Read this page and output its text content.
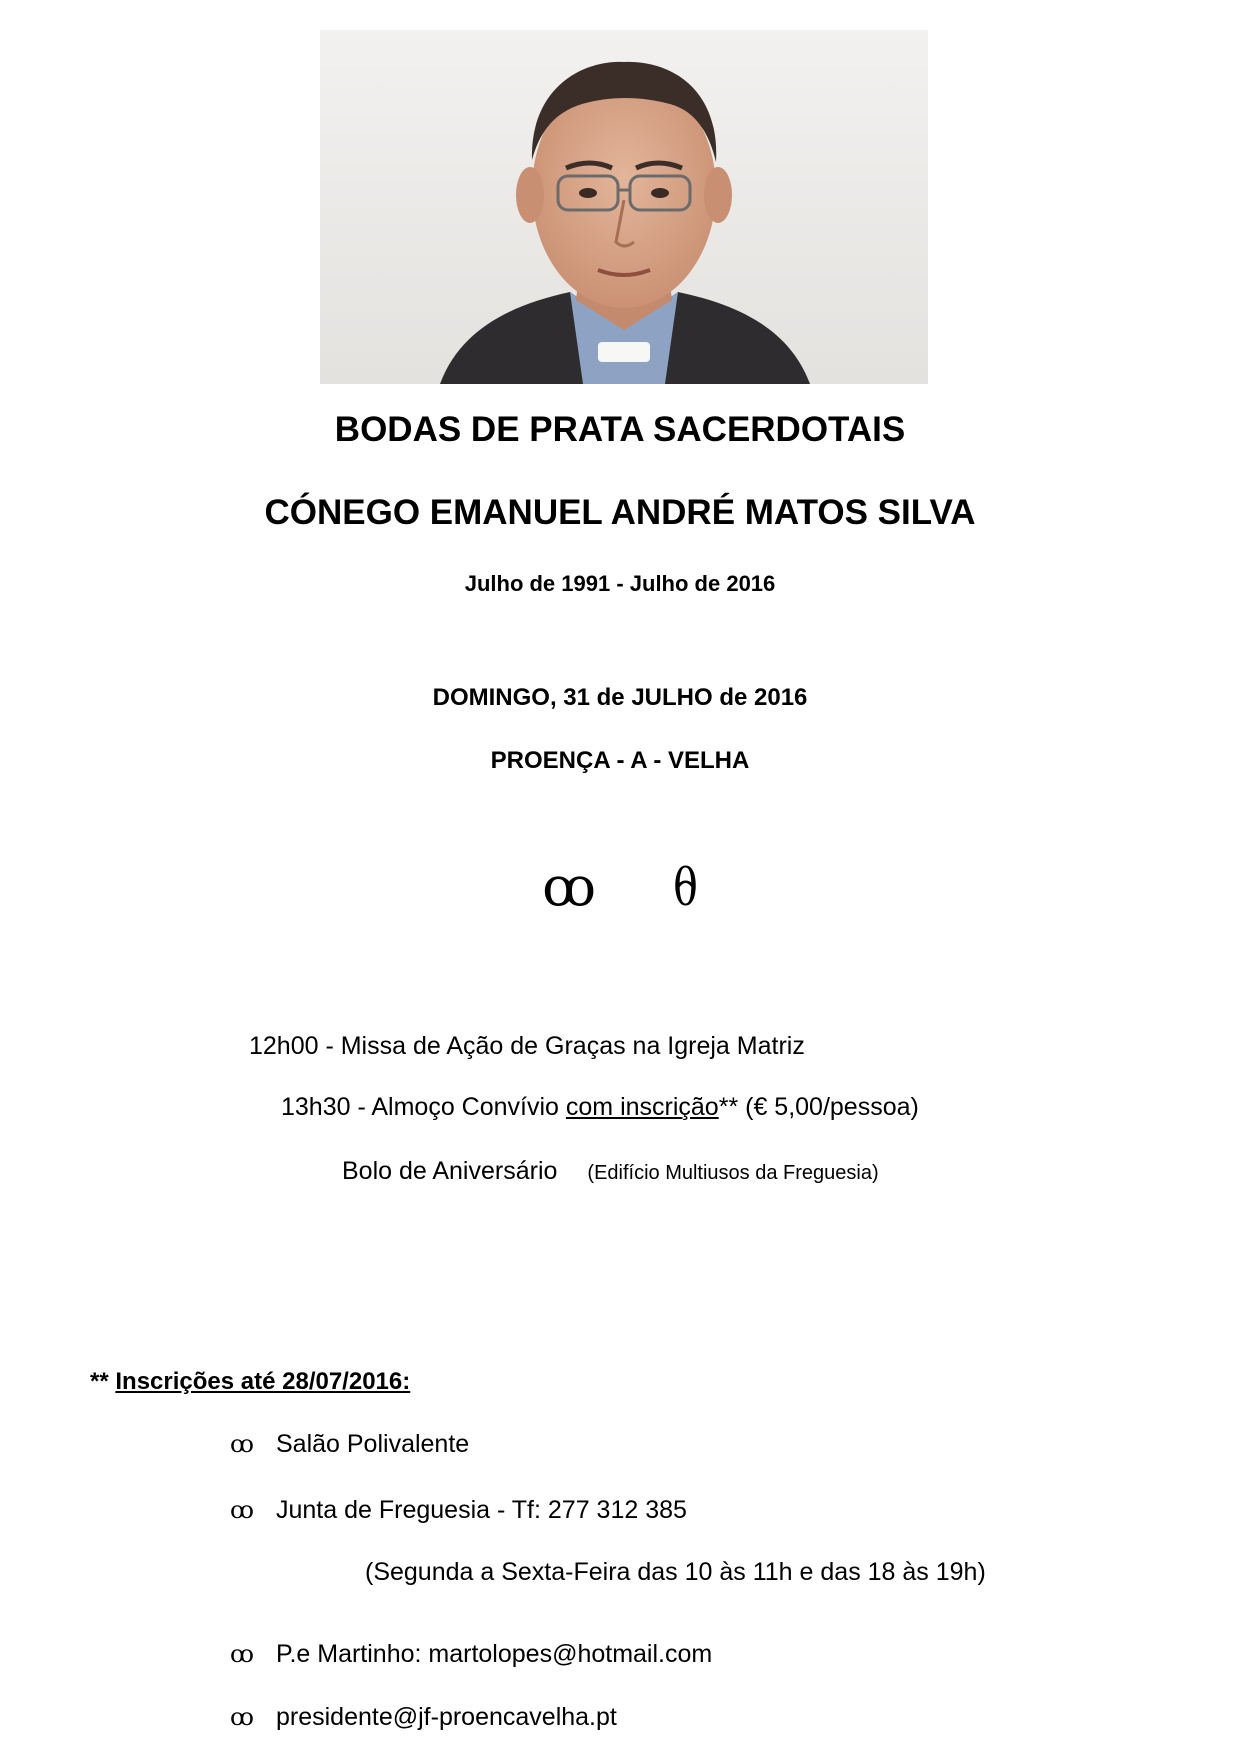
BODAS DE PRATA SACERDOTAIS
CÓNEGO EMANUEL ANDRÉ MATOS SILVA
Julho de 1991 - Julho de 2016
DOMINGO, 31 de JULHO de 2016
PROENÇA - A - VELHA
ꝏ ᦲ
12h00 - Missa de Ação de Graças na Igreja Matriz
13h30 - Almoço Convívio com inscrição** (€ 5,00/pessoa)
Bolo de Aniversário (Edifício Multiusos da Freguesia)
** Inscrições até 28/07/2016:
ꝏ Salão Polivalente
ꝏ Junta de Freguesia - Tf: 277 312 385
(Segunda a Sexta-Feira das 10 às 11h e das 18 às 19h)
ꝏ P.e Martinho: martolopes@hotmail.com
ꝏ presidente@jf-proencavelha.pt
